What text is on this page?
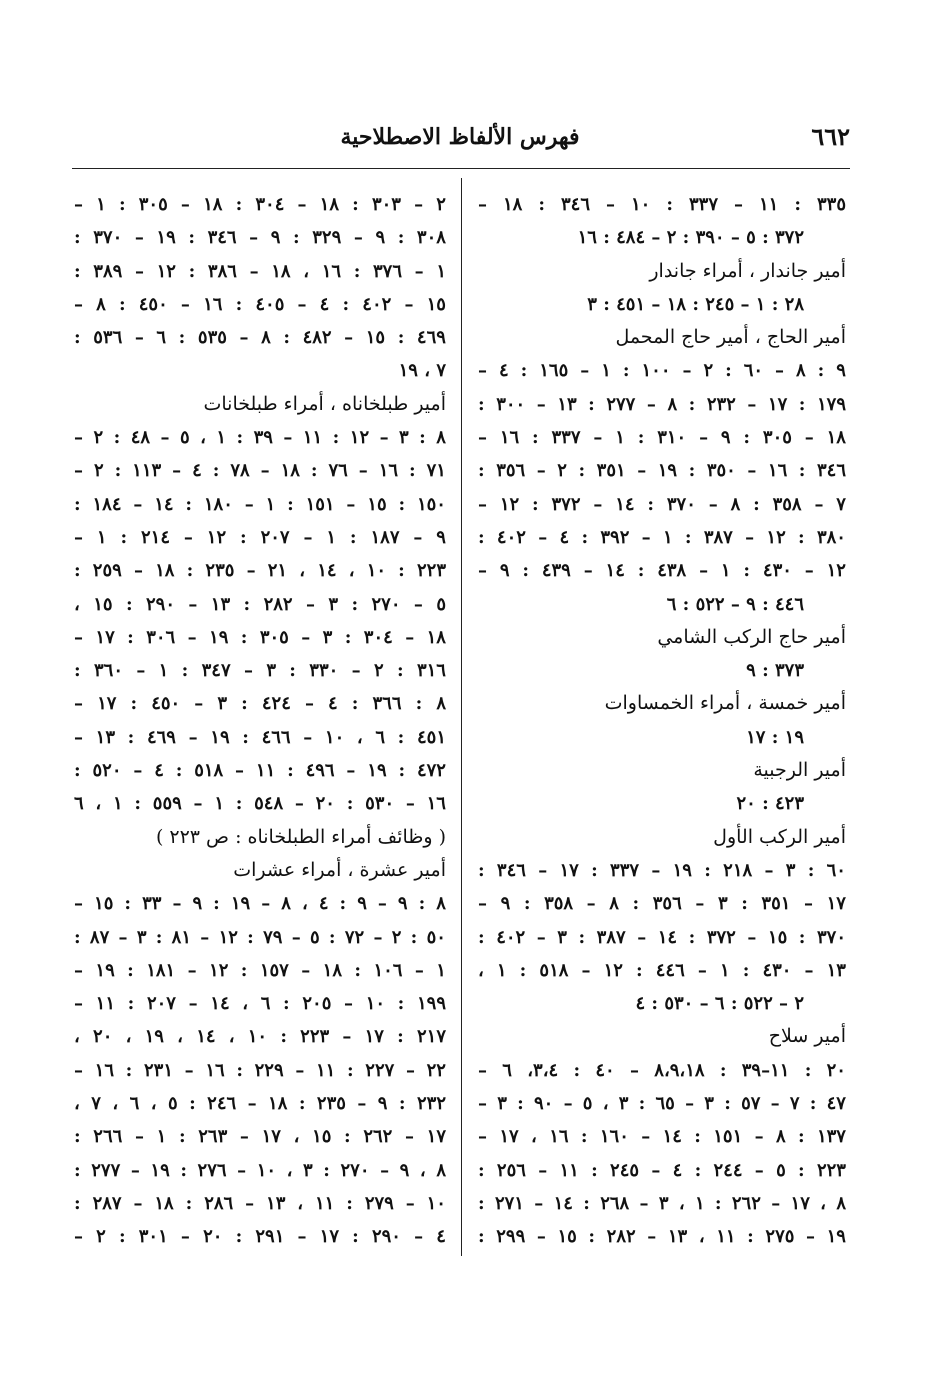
٦٦٢
فهرس الألفاظ الاصطلاحية
٣٣٥ : ١١ – ٣٣٧ : ١٠ – ٣٤٦ : ١٨ –
٣٧٢ : ٥ – ٣٩٠ : ٢ – ٤٨٤ : ١٦
أمير جاندار ، أمراء جاندار
٢٨ : ١ – ٢٤٥ : ١٨ – ٤٥١ : ٣
أمير الحاج ، أمير حاج المحمل
٩ : ٨ – ٦٠ : ٢ – ١٠٠ : ١ – ١٦٥ : ٤ –
١٧٩ : ١٧ – ٢٣٢ : ٨ – ٢٧٧ : ١٣ – ٣٠٠ :
١٨ – ٣٠٥ : ٩ – ٣١٠ : ١ – ٣٣٧ : ١٦ –
٣٤٦ : ١٦ – ٣٥٠ : ١٩ – ٣٥١ : ٢ – ٣٥٦ :
٧ – ٣٥٨ : ٨ – ٣٧٠ : ١٤ – ٣٧٢ : ١٢ –
٣٨٠ : ١٢ – ٣٨٧ : ١ – ٣٩٢ : ٤ – ٤٠٢ :
١٢ – ٤٣٠ : ١ – ٤٣٨ : ١٤ – ٤٣٩ : ٩ –
٤٤٦ : ٩ – ٥٢٢ : ٦
أمير حاج الركب الشامي
٣٧٣ : ٩
أمير خمسة ، أمراء الخمساوات
١٩ : ١٧
أمير الرجبية
٤٢٣ : ٢٠
أمير الركب الأول
٦٠ : ٣ – ٢١٨ : ١٩ – ٣٣٧ : ١٧ – ٣٤٦ :
١٧ – ٣٥١ : ٣ – ٣٥٦ : ٨ – ٣٥٨ : ٩ –
٣٧٠ : ١٥ – ٣٧٢ : ١٤ – ٣٨٧ : ٣ – ٤٠٢ :
١٣ – ٤٣٠ : ١ – ٤٤٦ : ١٢ – ٥١٨ : ١ ،
٢ – ٥٢٢ : ٦ – ٥٣٠ : ٤
أمير سلاح
٢٠ : ١١–٣٩ : ٨،٩،١٨ – ٤٠ : ٣،٤، ٦ –
٤٧ : ٧ – ٥٧ : ٣ – ٦٥ : ٣ ، ٥ – ٩٠ : ٣ –
١٣٧ : ٨ – ١٥١ : ١٤ – ١٦٠ : ١٦ ، ١٧ –
٢٢٣ : ٥ – ٢٤٤ : ٤ – ٢٤٥ : ١١ – ٢٥٦ :
٨ ، ١٧ – ٢٦٢ : ١ ، ٣ – ٢٦٨ : ١٤ – ٢٧١ :
١٩ – ٢٧٥ : ١١ ، ١٣ – ٢٨٢ : ١٥ – ٢٩٩ :
٢ – ٣٠٣ : ١٨ – ٣٠٤ : ١٨ – ٣٠٥ : ١ –
٣٠٨ : ٩ – ٣٢٩ : ٩ – ٣٤٦ : ١٩ – ٣٧٠ :
١ – ٣٧٦ : ١٦ ، ١٨ – ٣٨٦ : ١٢ – ٣٨٩ :
١٥ – ٤٠٢ : ٤ – ٤٠٥ : ١٦ – ٤٥٠ : ٨ –
٤٦٩ : ١٥ – ٤٨٢ : ٨ – ٥٣٥ : ٦ – ٥٣٦ :
٧ ، ١٩
أمير طبلخاناه ، أمراء طبلخانات
٨ : ٣ – ١٢ : ١١ – ٣٩ : ١ ، ٥ – ٤٨ : ٢ –
٧١ : ١٦ – ٧٦ : ١٨ – ٧٨ : ٤ – ١١٣ : ٢ –
١٥٠ : ١٥ – ١٥١ : ١ – ١٨٠ : ١٤ – ١٨٤ :
٩ – ١٨٧ : ١ – ٢٠٧ : ١٢ – ٢١٤ : ١ –
٢٢٣ : ١٠ ، ١٤ ، ٢١ – ٢٣٥ : ١٨ – ٢٥٩ :
٥ – ٢٧٠ : ٣ – ٢٨٢ : ١٣ – ٢٩٠ : ١٥ ،
١٨ – ٣٠٤ : ٣ – ٣٠٥ : ١٩ – ٣٠٦ : ١٧ –
٣١٦ : ٢ – ٣٣٠ : ٣ – ٣٤٧ : ١ – ٣٦٠ :
٨ : ٣٦٦ : ٤ – ٤٢٤ : ٣ – ٤٥٠ : ١٧ –
٤٥١ : ٦ ، ١٠ – ٤٦٦ : ١٩ – ٤٦٩ : ١٣ –
٤٧٢ : ١٩ – ٤٩٦ : ١١ – ٥١٨ : ٤ – ٥٢٠ :
١٦ – ٥٣٠ : ٢٠ – ٥٤٨ : ١ – ٥٥٩ : ١ ، ٦
( وظائف أمراء الطبلخاناه : ص ٢٢٣ )
أمير عشرة ، أمراء عشرات
٨ : ٩ – ٩ : ٤ ، ٨ – ١٩ : ٩ – ٣٣ : ١٥ –
٥٠ : ٢ – ٧٢ : ٥ – ٧٩ : ١٢ – ٨١ : ٣ – ٨٧ :
١ – ١٠٦ : ١٨ – ١٥٧ : ١٢ – ١٨١ : ١٩ –
١٩٩ : ١٠ – ٢٠٥ : ٦ ، ١٤ – ٢٠٧ : ١١ –
٢١٧ : ١٧ – ٢٢٣ : ١٠ ، ١٤ ، ١٩ ، ٢٠ ،
٢٢ – ٢٢٧ : ١١ – ٢٢٩ : ١٦ – ٢٣١ : ١٦ –
٢٣٢ : ٩ – ٢٣٥ : ١٨ – ٢٤٦ : ٥ ، ٦ ، ٧ ،
١٧ – ٢٦٢ : ١٥ ، ١٧ – ٢٦٣ : ١ – ٢٦٦ :
٨ ، ٩ – ٢٧٠ : ٣ ، ١٠ – ٢٧٦ : ١٩ – ٢٧٧ :
١٠ – ٢٧٩ : ١١ ، ١٣ – ٢٨٦ : ١٨ – ٢٨٧ :
٤ – ٢٩٠ : ١٧ – ٢٩١ : ٢٠ – ٣٠١ : ٢ –
